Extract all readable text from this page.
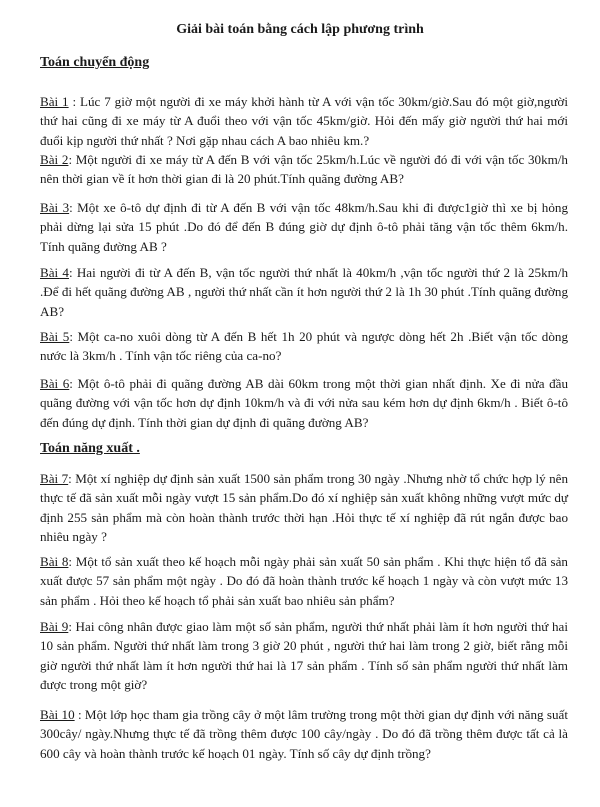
Giải bài toán bằng cách lập phương trình
Toán chuyển động
Bài 1 : Lúc 7 giờ một người đi xe máy khởi hành từ A với vận tốc 30km/giờ.Sau đó một giờ,người thứ hai cũng đi xe máy từ A đuổi theo với vận tốc 45km/giờ. Hỏi đến mấy giờ người thứ hai mới đuổi kịp người thứ nhất ? Nơi gặp nhau cách A bao nhiêu km.?
Bài 2: Một người đi xe máy từ A đến B với vận tốc 25km/h.Lúc về người đó đi với vận tốc 30km/h nên thời gian về ít hơn thời gian đi là 20 phút.Tính quãng đường AB?
Bài 3: Một xe ô-tô dự định đi từ A đến B với vận tốc 48km/h.Sau khi đi được1giờ thì xe bị hỏng phải dừng lại sửa 15 phút .Do đó để đến B đúng giờ dự định ô-tô phải tăng vận tốc thêm 6km/h. Tính quãng đường AB ?
Bài 4: Hai người đi từ A đến B, vận tốc người thứ nhất là 40km/h ,vận tốc người thứ 2 là 25km/h .Để đi hết quãng đường AB , người thứ nhất cần ít hơn người thứ 2 là 1h 30 phút .Tính quãng đường AB?
Bài 5: Một ca-no xuôi dòng từ A đến B hết 1h 20 phút và ngược dòng hết 2h .Biết vận tốc dòng nước là 3km/h . Tính vận tốc riêng của ca-no?
Bài 6: Một ô-tô phải đi quãng đường AB dài 60km trong một thời gian nhất định. Xe đi nửa đầu quãng đường với vận tốc hơn dự định 10km/h và đi với nửa sau kém hơn dự định 6km/h . Biết ô-tô đến đúng dự định. Tính thời gian dự định đi quãng đường AB?
Toán năng xuất .
Bài 7: Một xí nghiệp dự định sản xuất 1500 sản phẩm trong 30 ngày .Nhưng nhờ tổ chức hợp lý nên thực tế đã sản xuất mỗi ngày vượt 15 sản phẩm.Do đó xí nghiệp sản xuất không những vượt mức dự định 255 sản phẩm mà còn hoàn thành trước thời hạn .Hỏi thực tế xí nghiệp đã rút ngắn được bao nhiêu ngày ?
Bài 8: Một tổ sản xuất theo kế hoạch mỗi ngày phải sản xuất 50 sản phẩm . Khi thực hiện tổ đã sản xuất được 57 sản phẩm một ngày . Do đó đã hoàn thành trước kế hoạch 1 ngày và còn vượt mức 13 sản phẩm . Hỏi theo kế hoạch tổ phải sản xuất bao nhiêu sản phẩm?
Bài 9: Hai công nhân được giao làm một số sản phẩm, người thứ nhất phải làm ít hơn người thứ hai 10 sản phẩm. Người thứ nhất làm trong 3 giờ 20 phút , người thứ hai làm trong 2 giờ, biết rằng mỗi giờ người thứ nhất làm ít hơn người thứ hai là 17 sản phẩm . Tính số sản phẩm người thứ nhất làm được trong một giờ?
Bài 10 : Một lớp học tham gia trồng cây ở một lâm trường trong một thời gian dự định với năng suất 300cây/ ngày.Nhưng thực tế đã trồng thêm được 100 cây/ngày . Do đó đã trồng thêm được tất cả là 600 cây và hoàn thành trước kế hoạch 01 ngày. Tính số cây dự định trồng?
